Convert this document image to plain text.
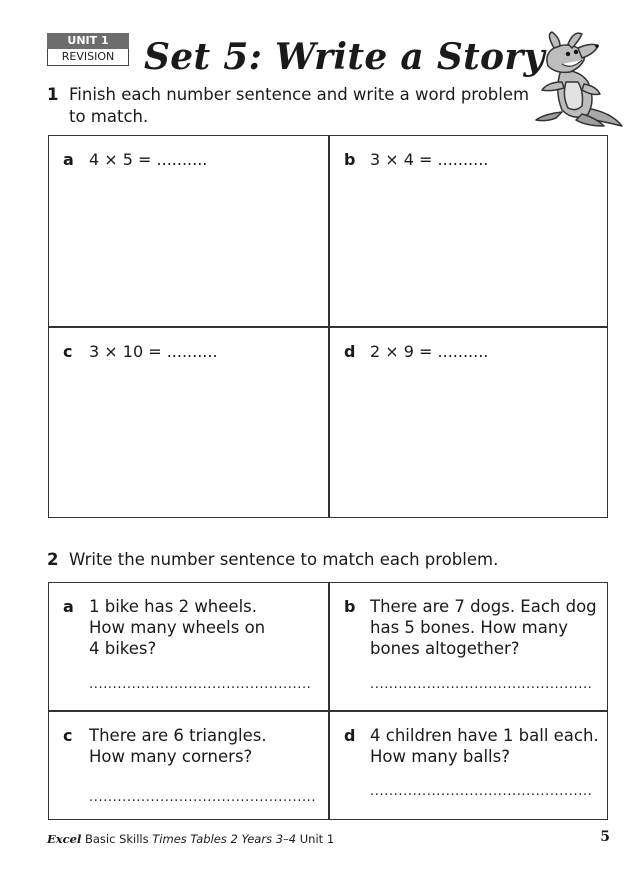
UNIT 1
REVISION Set 5: Write a Story
1 Finish each number sentence and write a word problem
to match.
a 4 × 5 = ..........	b 3 × 4 = ..........
c 3 × 10 = ..........	d 2 × 9 = ..........
2 Write the number sentence to match each problem.
a 1 bike has 2 wheels. How many wheels on 4 bikes?
...............................................
b There are 7 dogs. Each dog has 5 bones. How many bones altogether?
...............................................
c There are 6 triangles. How many corners?
................................................
d 4 children have 1 ball each. How many balls?
...............................................
Excel Basic Skills Times Tables 2 Years 3–4 Unit 1	5
